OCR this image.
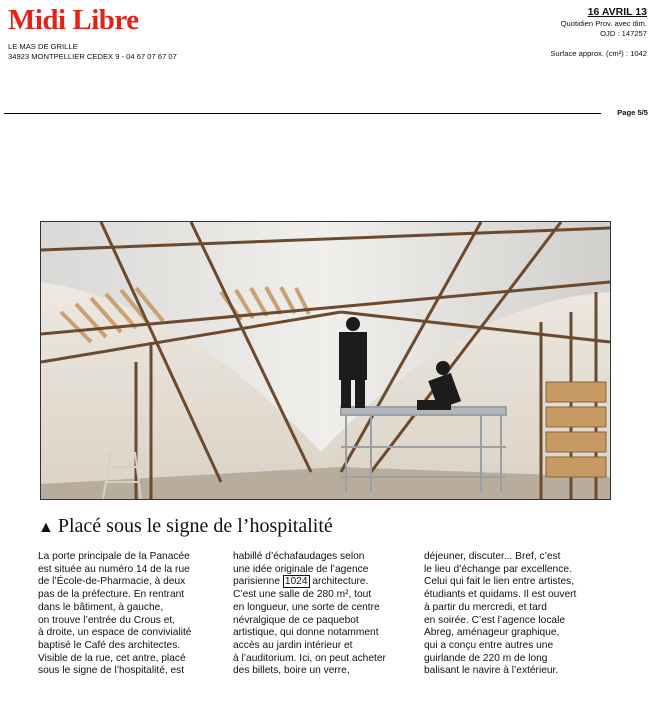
Midi Libre
LE MAS DE GRILLE
34923 MONTPELLIER CEDEX 9 - 04 67 07 67 07
16 AVRIL 13
Quotidien Prov. avec dim.
OJD : 147257
Surface approx. (cm²) : 1042
Page 5/5
▲ Placé sous le signe de l’hospitalité

La porte principale de la Panacée

est située au numéro 14 de la rue

de l’École-de-Pharmacie, à deux

pas de la préfecture. En rentrant

dans le bâtiment, à gauche,

on trouve l’entrée du Crous et,

à droite, un espace de convivialité

baptisé le Café des architectes.

Visible de la rue, cet antre, placé

sous le signe de l’hospitalité, est

habillé d’échafaudages selon

une idée originale de l’agence

parisienne 1024 architecture.

C’est une salle de 280 m², tout

en longueur, une sorte de centre

névralgique de ce paquebot

artistique, qui donne notamment

accès au jardin intérieur et

à l’auditorium. Ici, on peut acheter

des billets, boire un verre,

déjeuner, discuter... Bref, c’est

le lieu d’échange par excellence.

Celui qui fait le lien entre artistes,

étudiants et quidams. Il est ouvert

à partir du mercredi, et tard

en soirée. C’est l’agence locale

Abreg, aménageur graphique,

qui a conçu entre autres une

guirlande de 220 m de long

balisant le navire à l’extérieur.
